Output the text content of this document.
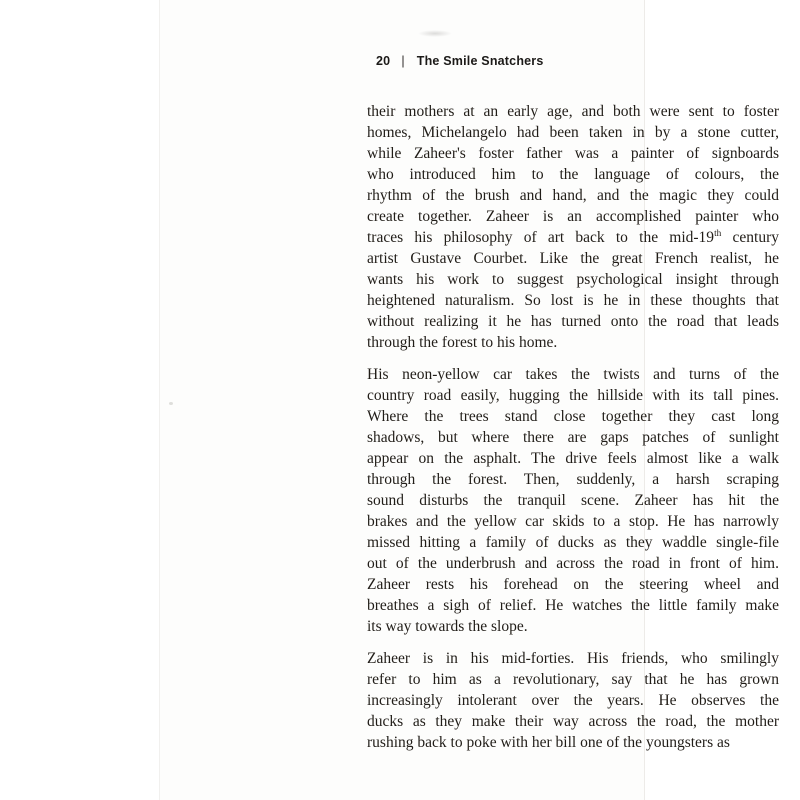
20 | The Smile Snatchers
their mothers at an early age, and both were sent to foster
homes, Michelangelo had been taken in by a stone cutter,
while Zaheer's foster father was a painter of signboards
who introduced him to the language of colours, the
rhythm of the brush and hand, and the magic they could
create together. Zaheer is an accomplished painter who
traces his philosophy of art back to the mid-19th century
artist Gustave Courbet. Like the great French realist, he
wants his work to suggest psychological insight through
heightened naturalism. So lost is he in these thoughts that
without realizing it he has turned onto the road that leads
through the forest to his home.
His neon-yellow car takes the twists and turns of the
country road easily, hugging the hillside with its tall pines.
Where the trees stand close together they cast long
shadows, but where there are gaps patches of sunlight
appear on the asphalt. The drive feels almost like a walk
through the forest. Then, suddenly, a harsh scraping
sound disturbs the tranquil scene. Zaheer has hit the
brakes and the yellow car skids to a stop. He has narrowly
missed hitting a family of ducks as they waddle single-file
out of the underbrush and across the road in front of him.
Zaheer rests his forehead on the steering wheel and
breathes a sigh of relief. He watches the little family make
its way towards the slope.
Zaheer is in his mid-forties. His friends, who smilingly
refer to him as a revolutionary, say that he has grown
increasingly intolerant over the years. He observes the
ducks as they make their way across the road, the mother
rushing back to poke with her bill one of the youngsters as
